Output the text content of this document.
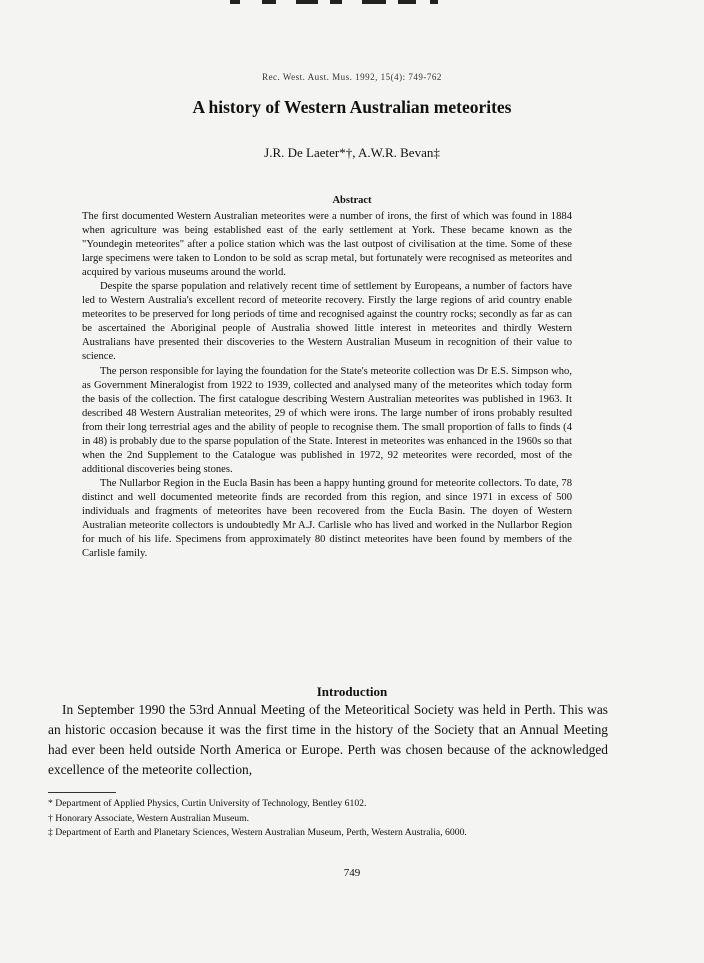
Rec. West. Aust. Mus. 1992, 15(4): 749-762
A history of Western Australian meteorites
J.R. De Laeter*†, A.W.R. Bevan‡
Abstract

The first documented Western Australian meteorites were a number of irons, the first of which was found in 1884 when agriculture was being established east of the early settlement at York. These became known as the "Youndegin meteorites" after a police station which was the last outpost of civilisation at the time. Some of these large specimens were taken to London to be sold as scrap metal, but fortunately were recognised as meteorites and acquired by various museums around the world.

Despite the sparse population and relatively recent time of settlement by Europeans, a number of factors have led to Western Australia's excellent record of meteorite recovery. Firstly the large regions of arid country enable meteorites to be preserved for long periods of time and recognised against the country rocks; secondly as far as can be ascertained the Aboriginal people of Australia showed little interest in meteorites and thirdly Western Australians have presented their discoveries to the Western Australian Museum in recognition of their value to science.

The person responsible for laying the foundation for the State's meteorite collection was Dr E.S. Simpson who, as Government Mineralogist from 1922 to 1939, collected and analysed many of the meteorites which today form the basis of the collection. The first catalogue describing Western Australian meteorites was published in 1963. It described 48 Western Australian meteorites, 29 of which were irons. The large number of irons probably resulted from their long terrestrial ages and the ability of people to recognise them. The small proportion of falls to finds (4 in 48) is probably due to the sparse population of the State. Interest in meteorites was enhanced in the 1960s so that when the 2nd Supplement to the Catalogue was published in 1972, 92 meteorites were recorded, most of the additional discoveries being stones.

The Nullarbor Region in the Eucla Basin has been a happy hunting ground for meteorite collectors. To date, 78 distinct and well documented meteorite finds are recorded from this region, and since 1971 in excess of 500 individuals and fragments of meteorites have been recovered from the Eucla Basin. The doyen of Western Australian meteorite collectors is undoubtedly Mr A.J. Carlisle who has lived and worked in the Nullarbor Region for much of his life. Specimens from approximately 80 distinct meteorites have been found by members of the Carlisle family.

Introduction

In September 1990 the 53rd Annual Meeting of the Meteoritical Society was held in Perth. This was an historic occasion because it was the first time in the history of the Society that an Annual Meeting had ever been held outside North America or Europe. Perth was chosen because of the acknowledged excellence of the meteorite collection,

* Department of Applied Physics, Curtin University of Technology, Bentley 6102.

† Honorary Associate, Western Australian Museum.

‡ Department of Earth and Planetary Sciences, Western Australian Museum, Perth, Western Australia, 6000.

749
